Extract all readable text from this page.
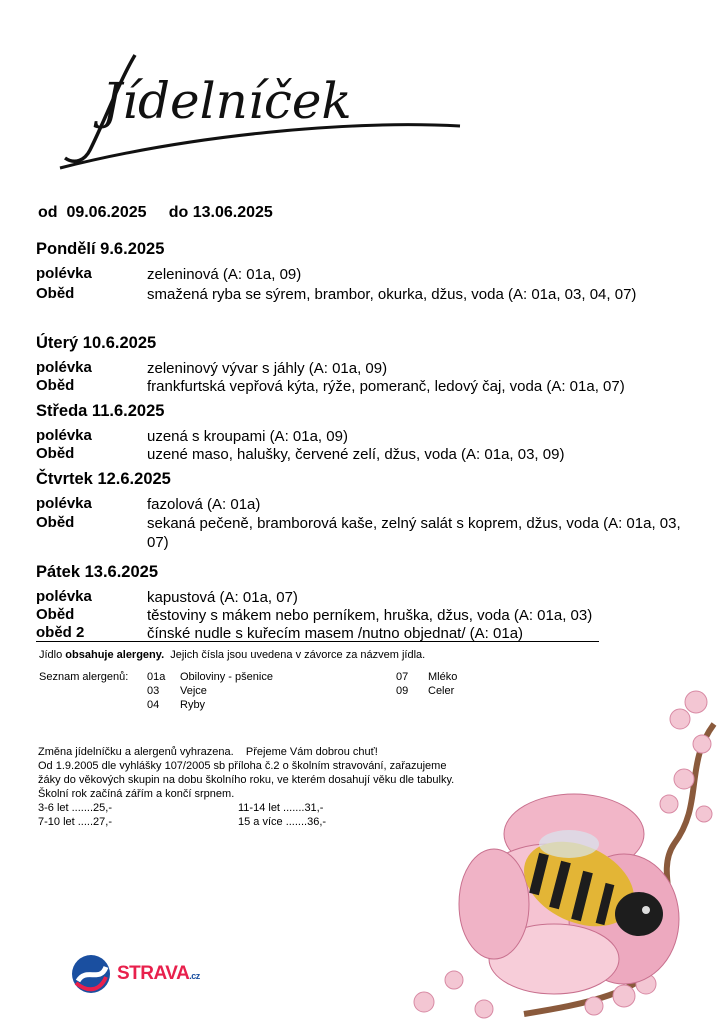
Jídelníček
od 09.06.2025 do 13.06.2025
Pondělí 9.6.2025
polévka	zeleninová (A: 01a, 09)
Oběd	smažená ryba se sýrem, brambor, okurka, džus, voda (A: 01a, 03, 04, 07)
Úterý 10.6.2025
polévka	zeleninový vývar s jáhly (A: 01a, 09)
Oběd	frankfurtská vepřová kýta, rýže, pomeranč, ledový čaj, voda (A: 01a, 07)
Středa 11.6.2025
polévka	uzená s kroupami (A: 01a, 09)
Oběd	uzené maso, halušky, červené zelí, džus, voda (A: 01a, 03, 09)
Čtvrtek 12.6.2025
polévka	fazolová (A: 01a)
Oběd	sekaná pečeně, bramborová kaše, zelný salát s koprem, džus, voda (A: 01a, 03, 07)
Pátek 13.6.2025
polévka	kapustová (A: 01a, 07)
Oběd	těstoviny s mákem nebo perníkem, hruška, džus, voda (A: 01a, 03)
oběd 2	čínské nudle s kuřecím masem /nutno objednat/ (A: 01a)
Jídlo obsahuje alergeny.  Jejich čísla jsou uvedena v závorce za názvem jídla.
Seznam alergenů: 01a Obiloviny - pšenice
03 Vejce
04 Ryby
07 Mléko
09 Celer
Změna jídelníčku a alergenů vyhrazena.    Přejeme Vám dobrou chuť!
Od 1.9.2005 dle vyhlášky 107/2005 sb příloha č.2 o školním stravování, zařazujeme
žáky do věkových skupin na dobu školního roku, ve kterém dosahují věku dle tabulky.
Školní rok začíná zářím a končí srpnem.
3-6 let .......25,-	11-14 let .......31,-
7-10 let .....27,-	15 a více .......36,-
STRAVA.cz
